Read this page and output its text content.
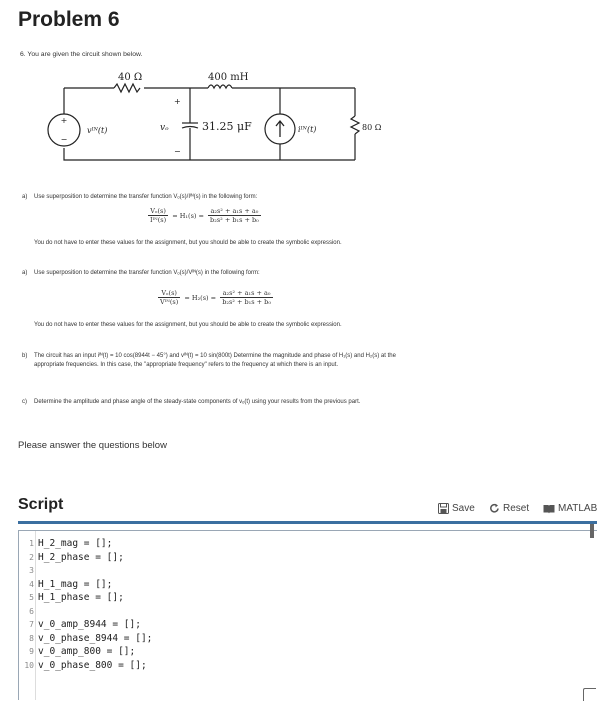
Problem 6
6. You are given the circuit shown below.
+
−
vᴵᴺ(t)
40 Ω	400 mH
+
vₒ
−
31.25 μF	iᴵᴺ(t)	80 Ω
a) Use superposition to determine the transfer function Vₒ(s)/Iᴵᴺ(s) in the following form:
$\frac{\text{Vₒ(s)}}{\text{Iᴵᴺ(s)}} = H_1(s) = \frac{\text{a₂s² + a₁s + a₀}}{\text{b₂s² + b₁s + b₀}}$
You do not have to enter these values for the assignment, but you should be able to create the symbolic expression.
a) Use superposition to determine the transfer function Vₒ(s)/Vᴵᴺ(s) in the following form:
$\frac{\text{Vₒ(s)}}{\text{Vᴵᴺ(s)}} = H_2(s) = \frac{\text{a₂s² + a₁s + a₀}}{\text{b₂s² + b₁s + b₀}}$
You do not have to enter these values for the assignment, but you should be able to create the symbolic expression.
b) The circuit has an input iᴵᴺ(t) = 10 cos(8944t − 45°) and vᴵᴺ(t) = 10 sin(800t) Determine the magnitude and phase of H₁(s) and H₂(s) at the appropriate frequencies. In this case, the "appropriate frequency" refers to the frequency at which there is an input.
c) Determine the amplitude and phase angle of the steady-state components of vₒ(t) using your results from the previous part.
Please answer the questions below
Script	Save	Reset	MATLAB
1
2
3
4
5
6
7
8
9
10
H_2_mag = [];
H_2_phase = [];
H_1_mag = [];
H_1_phase = [];
v_0_amp_8944 = [];
v_0_phase_8944 = [];
v_0_amp_800 = [];
v_0_phase_800 = [];
